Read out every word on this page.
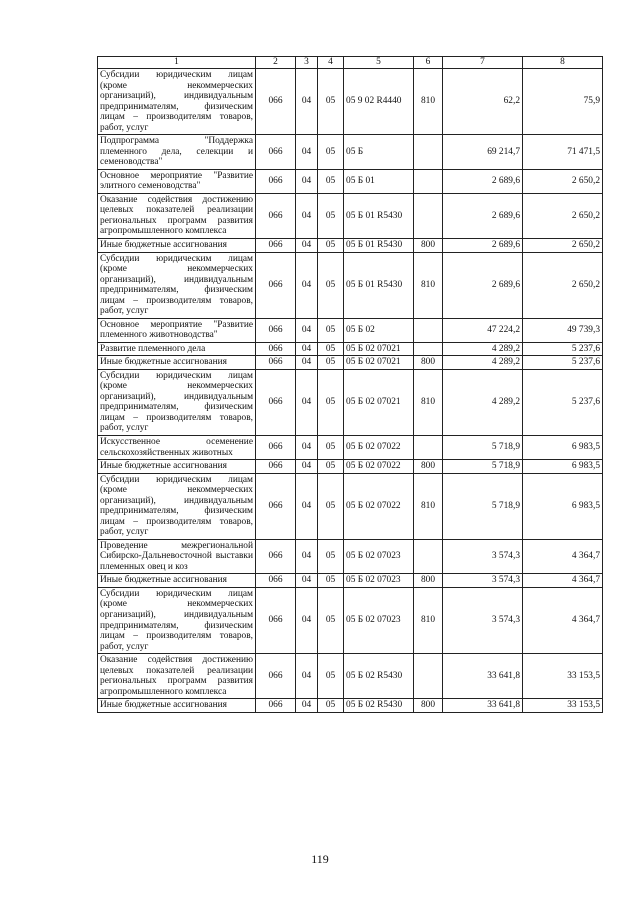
1	2	3	4	5	6	7	8
Субсидии юридическим лицам (кроме некоммерческих организаций), индивидуальным предпринимателям, физическим лицам – производителям товаров, работ, услуг	066	04	05	05 9 02 R4440	810	62,2	75,9
Подпрограмма "Поддержка племенного дела, селекции и семеноводства"	066	04	05	05 Б		69 214,7	71 471,5
Основное мероприятие "Развитие элитного семеноводства"	066	04	05	05 Б 01		2 689,6	2 650,2
Оказание содействия достижению целевых показателей реализации региональных программ развития агропромышленного комплекса	066	04	05	05 Б 01 R5430		2 689,6	2 650,2
Иные бюджетные ассигнования	066	04	05	05 Б 01 R5430	800	2 689,6	2 650,2
Субсидии юридическим лицам (кроме некоммерческих организаций), индивидуальным предпринимателям, физическим лицам – производителям товаров, работ, услуг	066	04	05	05 Б 01 R5430	810	2 689,6	2 650,2
Основное мероприятие "Развитие племенного животноводства"	066	04	05	05 Б 02		47 224,2	49 739,3
Развитие племенного дела	066	04	05	05 Б 02 07021		4 289,2	5 237,6
Иные бюджетные ассигнования	066	04	05	05 Б 02 07021	800	4 289,2	5 237,6
Субсидии юридическим лицам (кроме некоммерческих организаций), индивидуальным предпринимателям, физическим лицам – производителям товаров, работ, услуг	066	04	05	05 Б 02 07021	810	4 289,2	5 237,6
Искусственное осеменение сельскохозяйственных животных	066	04	05	05 Б 02 07022		5 718,9	6 983,5
Иные бюджетные ассигнования	066	04	05	05 Б 02 07022	800	5 718,9	6 983,5
Субсидии юридическим лицам (кроме некоммерческих организаций), индивидуальным предпринимателям, физическим лицам – производителям товаров, работ, услуг	066	04	05	05 Б 02 07022	810	5 718,9	6 983,5
Проведение межрегиональной Сибирско-Дальневосточной выставки племенных овец и коз	066	04	05	05 Б 02 07023		3 574,3	4 364,7
Иные бюджетные ассигнования	066	04	05	05 Б 02 07023	800	3 574,3	4 364,7
Субсидии юридическим лицам (кроме некоммерческих организаций), индивидуальным предпринимателям, физическим лицам – производителям товаров, работ, услуг	066	04	05	05 Б 02 07023	810	3 574,3	4 364,7
Оказание содействия достижению целевых показателей реализации региональных программ развития агропромышленного комплекса	066	04	05	05 Б 02 R5430		33 641,8	33 153,5
Иные бюджетные ассигнования	066	04	05	05 Б 02 R5430	800	33 641,8	33 153,5
119
